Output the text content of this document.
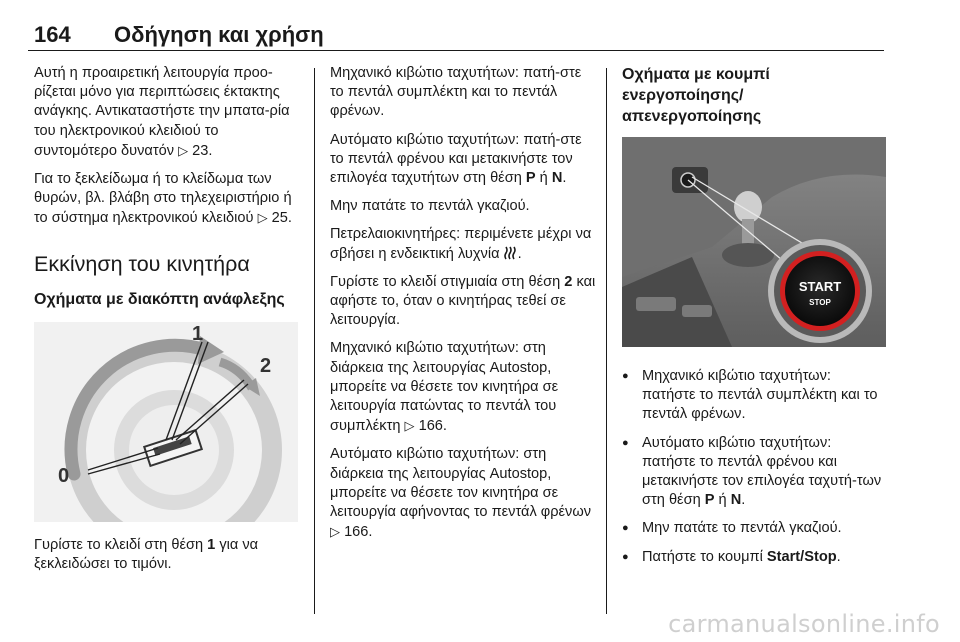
164 Οδήγηση και χρήση

Αυτή η προαιρετική λειτουργία προο-ρίζεται μόνο για περιπτώσεις έκτακτης ανάγκης. Αντικαταστήστε την μπατα-ρία του ηλεκτρονικού κλειδιού το συντομότερο δυνατόν ▷ 23.

Για το ξεκλείδωμα ή το κλείδωμα των θυρών, βλ. βλάβη στο τηλεχειριστήριο ή το σύστημα ηλεκτρονικού κλειδιού ▷ 25.

Εκκίνηση του κινητήρα
Οχήματα με διακόπτη ανάφλεξης
1
2
0

Γυρίστε το κλειδί στη θέση 1 για να ξεκλειδώσει το τιμόνι.

Μηχανικό κιβώτιο ταχυτήτων: πατή-στε το πεντάλ συμπλέκτη και το πεντάλ φρένων.

Αυτόματο κιβώτιο ταχυτήτων: πατή-στε το πεντάλ φρένου και μετακινήστε τον επιλογέα ταχυτήτων στη θέση P ή N.

Μην πατάτε το πεντάλ γκαζιού.

Πετρελαιοκινητήρες: περιμένετε μέχρι να σβήσει η ενδεικτική λυχνία .

Γυρίστε το κλειδί στιγμιαία στη θέση 2 και αφήστε το, όταν ο κινητήρας τεθεί σε λειτουργία.

Μηχανικό κιβώτιο ταχυτήτων: στη διάρκεια της λειτουργίας Autostop, μπορείτε να θέσετε τον κινητήρα σε λειτουργία πατώντας το πεντάλ του συμπλέκτη ▷ 166.

Αυτόματο κιβώτιο ταχυτήτων: στη διάρκεια της λειτουργίας Autostop, μπορείτε να θέσετε τον κινητήρα σε λειτουργία αφήνοντας το πεντάλ φρένων ▷ 166.

Οχήματα με κουμπί ενεργοποίησης/ απενεργοποίησης
START
STOP
● Μηχανικό κιβώτιο ταχυτήτων: πατήστε το πεντάλ συμπλέκτη και το πεντάλ φρένων.
● Αυτόματο κιβώτιο ταχυτήτων: πατήστε το πεντάλ φρένου και μετακινήστε τον επιλογέα ταχυτή-των στη θέση P ή N.
● Μην πατάτε το πεντάλ γκαζιού.
● Πατήστε το κουμπί Start/Stop.
carmanualsonline.info
